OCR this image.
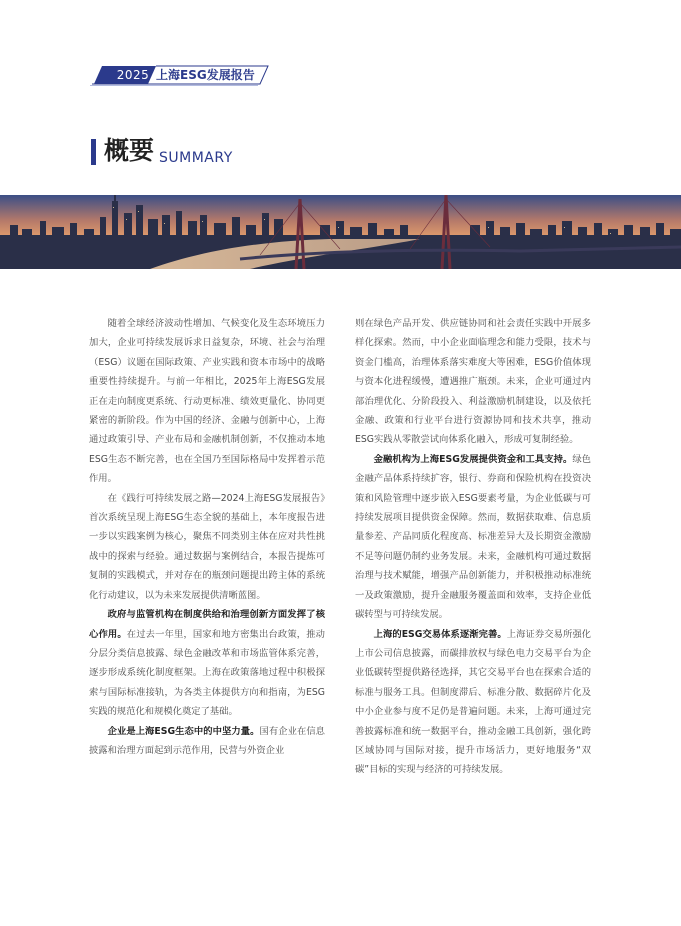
2025 上海ESG发展报告
概要 SUMMARY

随着全球经济波动性增加、气候变化及生态环境压力加大，企业可持续发展诉求日益复杂，环境、社会与治理（ESG）议题在国际政策、产业实践和资本市场中的战略重要性持续提升。与前一年相比，2025年上海ESG发展正在走向制度更系统、行动更标准、绩效更量化、协同更紧密的新阶段。作为中国的经济、金融与创新中心，上海通过政策引导、产业布局和金融机制创新，不仅推动本地ESG生态不断完善，也在全国乃至国际格局中发挥着示范作用。

在《践行可持续发展之路—2024上海ESG发展报告》首次系统呈现上海ESG生态全貌的基础上，本年度报告进一步以实践案例为核心，聚焦不同类别主体在应对共性挑战中的探索与经验。通过数据与案例结合，本报告提炼可复制的实践模式，并对存在的瓶颈问题提出跨主体的系统化行动建议，以为未来发展提供清晰蓝图。

政府与监管机构在制度供给和治理创新方面发挥了核心作用。在过去一年里，国家和地方密集出台政策，推动分层分类信息披露、绿色金融改革和市场监管体系完善，逐步形成系统化制度框架。上海在政策落地过程中积极探索与国际标准接轨，为各类主体提供方向和指南，为ESG实践的规范化和规模化奠定了基础。

企业是上海ESG生态中的中坚力量。国有企业在信息披露和治理方面起到示范作用，民营与外资企业

则在绿色产品开发、供应链协同和社会责任实践中开展多样化探索。然而，中小企业面临理念和能力受限，技术与资金门槛高，治理体系落实难度大等困难，ESG价值体现与资本化进程缓慢，遭遇推广瓶颈。未来，企业可通过内部治理优化、分阶段投入、利益激励机制建设，以及依托金融、政策和行业平台进行资源协同和技术共享，推动ESG实践从零散尝试向体系化融入，形成可复制经验。

金融机构为上海ESG发展提供资金和工具支持。绿色金融产品体系持续扩容，银行、券商和保险机构在投资决策和风险管理中逐步嵌入ESG要素考量，为企业低碳与可持续发展项目提供资金保障。然而，数据获取难、信息质量参差、产品同质化程度高、标准差异大及长期资金激励不足等问题仍制约业务发展。未来，金融机构可通过数据治理与技术赋能，增强产品创新能力，并积极推动标准统一及政策激励，提升金融服务覆盖面和效率，支持企业低碳转型与可持续发展。

上海的ESG交易体系逐渐完善。上海证券交易所强化上市公司信息披露，而碳排放权与绿色电力交易平台为企业低碳转型提供路径选择，其它交易平台也在探索合适的标准与服务工具。但制度滞后、标准分散、数据碎片化及中小企业参与度不足仍是普遍问题。未来，上海可通过完善披露标准和统一数据平台，推动金融工具创新，强化跨区域协同与国际对接，提升市场活力，更好地服务“双碳”目标的实现与经济的可持续发展。
